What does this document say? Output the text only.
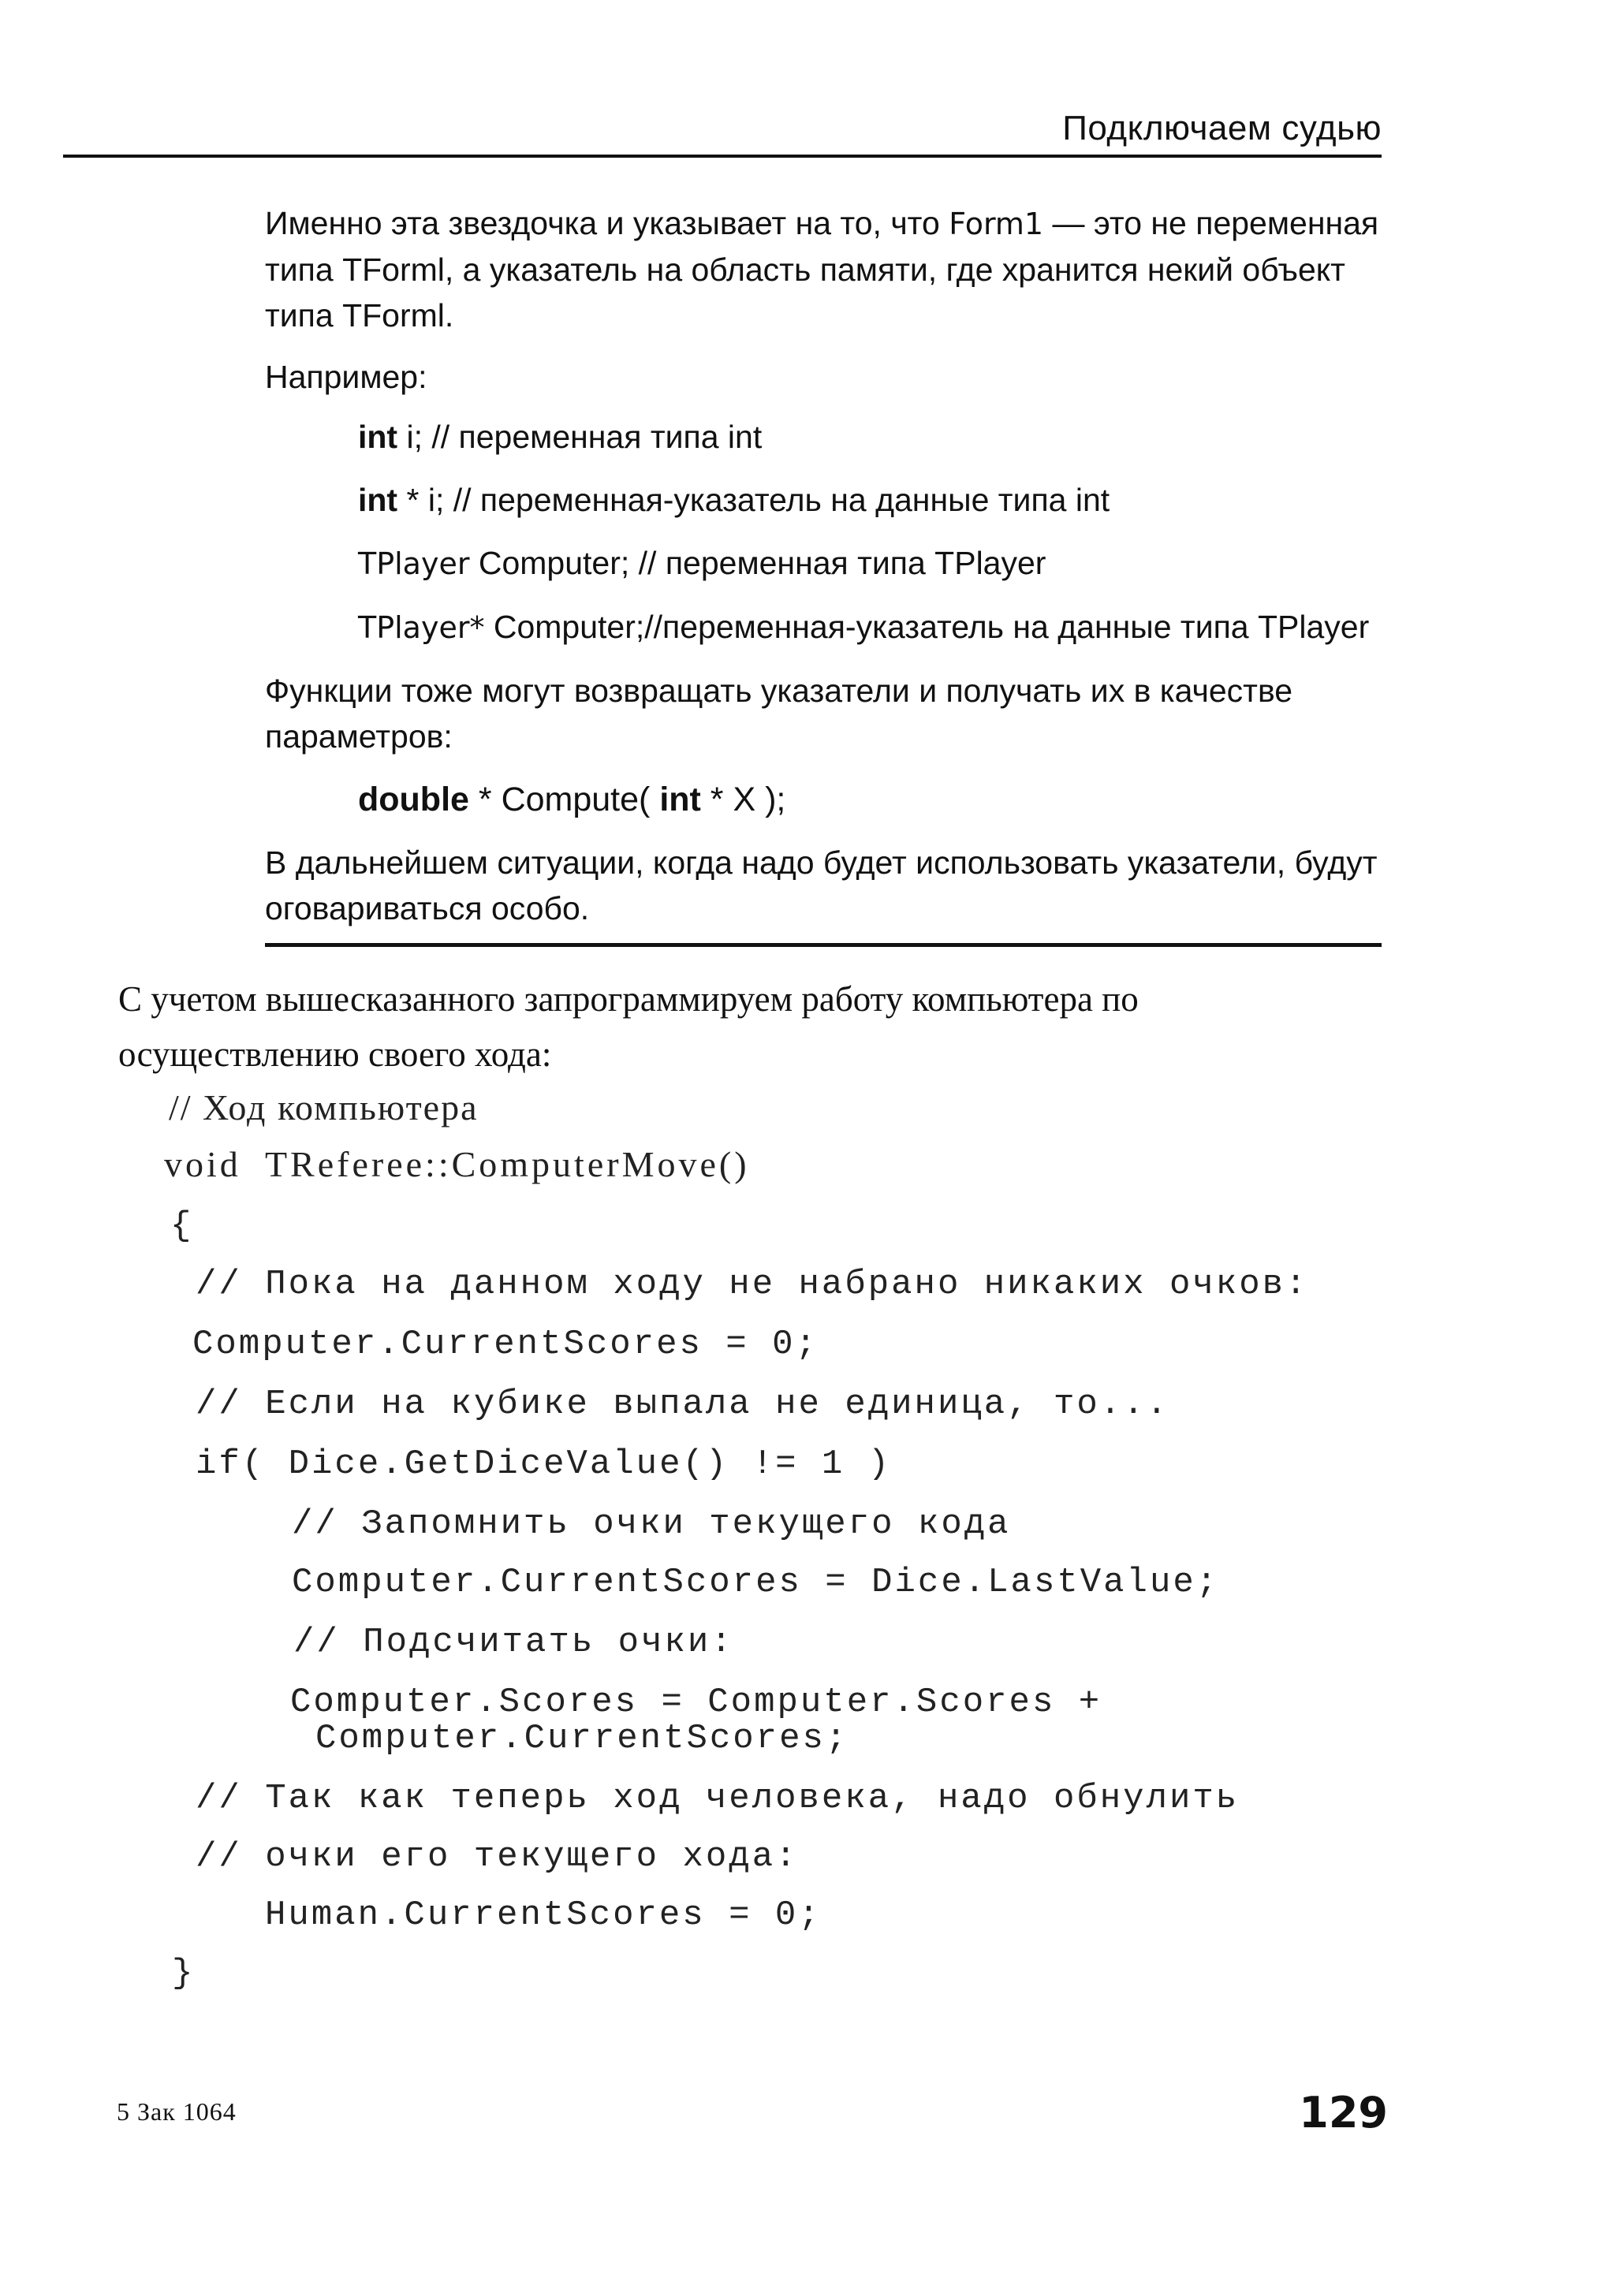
Подключаем судью

Именно эта звездочка и указывает на то, что Form1 — это не переменная типа TForml, а указатель на область памяти, где хранится некий объект типа TForml.

Например:

int i; // переменная типа int

int * i; // переменная-указатель на данные типа int

TPlayer Computer; // переменная типа TPlayer

TPlayer* Computer;//переменная-указатель на данные типа TPlayer

Функции тоже могут возвращать указатели и получать их в качестве параметров:

double * Compute( int * X );

В дальнейшем ситуации, когда надо будет использовать указатели, будут оговариваться особо.

С учетом вышесказанного запрограммируем работу компьютера по осуществлению своего хода:
// Ход компьютера
void  TReferee::ComputerMove()
{
// Пока на данном ходу не набрано никаких очков:
Computer.CurrentScores = 0;
// Если на кубике выпала не единица, то...
if( Dice.GetDiceValue() != 1 )
// Запомнить очки текущего кода
Computer.CurrentScores = Dice.LastValue;
// Подсчитать очки:
Computer.Scores = Computer.Scores +
Computer.CurrentScores;
// Так как теперь ход человека, надо обнулить
// очки его текущего хода:
Human.CurrentScores = 0;
}
5 Зак 1064	129
